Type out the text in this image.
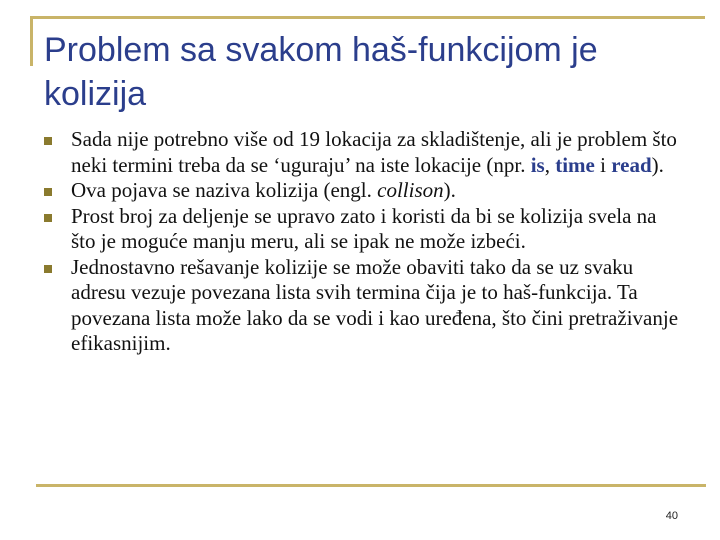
Problem sa svakom haš-funkcijom je kolizija
Sada nije potrebno više od 19 lokacija za skladištenje, ali je problem što neki termini treba da se ‘uguraju’ na iste lokacije (npr. is, time i read).
Ova pojava se naziva kolizija (engl. collison).
Prost broj za deljenje se upravo zato i koristi da bi se kolizija svela na što je moguće manju meru, ali se ipak ne može izbeći.
Jednostavno rešavanje kolizije se može obaviti tako da se uz svaku adresu vezuje povezana lista svih termina čija je to haš-funkcija. Ta povezana lista može lako da se vodi i kao uređena, što čini pretraživanje efikasnijim.
40
